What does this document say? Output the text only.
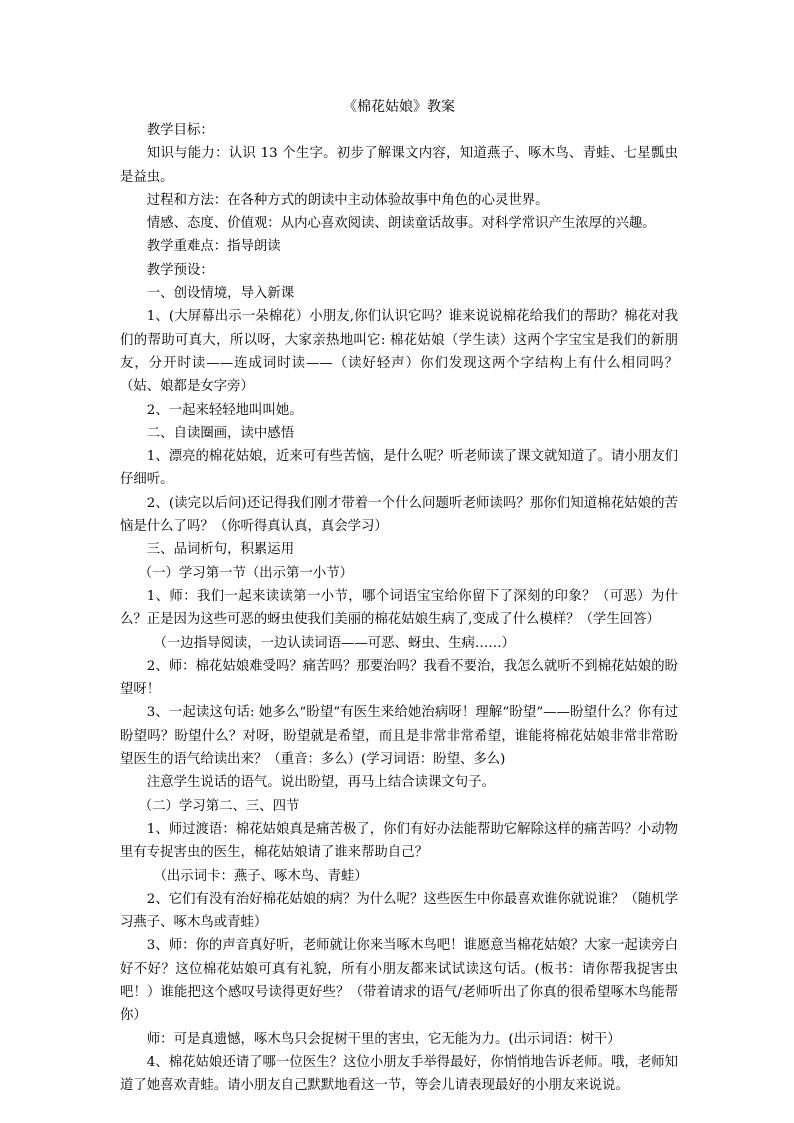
《棉花姑娘》教案

教学目标：

知识与能力：认识 13 个生字。初步了解课文内容，知道燕子、啄木鸟、青蛙、七星瓢虫是益虫。

过程和方法：在各种方式的朗读中主动体验故事中角色的心灵世界。

情感、态度、价值观：从内心喜欢阅读、朗读童话故事。对科学常识产生浓厚的兴趣。

教学重难点：指导朗读

教学预设：

一、创设情境，导入新课

1、(大屏幕出示一朵棉花）小朋友,你们认识它吗？谁来说说棉花给我们的帮助？棉花对我们的帮助可真大，所以呀，大家亲热地叫它: 棉花姑娘（学生读）这两个字宝宝是我们的新朋友，分开时读——连成词时读——（读好轻声）你们发现这两个字结构上有什么相同吗？（姑、娘都是女字旁）

2、一起来轻轻地叫叫她。

二、自读圈画，读中感悟

1、漂亮的棉花姑娘，近来可有些苦恼，是什么呢？听老师读了课文就知道了。请小朋友们仔细听。

2、(读完以后问)还记得我们刚才带着一个什么问题听老师读吗？那你们知道棉花姑娘的苦恼是什么了吗？（你听得真认真，真会学习）

三、品词析句，积累运用

（一）学习第一节（出示第一小节）

1、师：我们一起来读读第一小节，哪个词语宝宝给你留下了深刻的印象？（可恶）为什么？正是因为这些可恶的蚜虫使我们美丽的棉花姑娘生病了,变成了什么模样？（学生回答）

（一边指导阅读，一边认读词语——可恶、蚜虫、生病……）

2、师：棉花姑娘难受吗？痛苦吗？那要治吗？我看不要治，我怎么就听不到棉花姑娘的盼望呀！

3、一起读这句话: 她多么“盼望”有医生来给她治病呀！理解“盼望”——盼望什么？你有过盼望吗？盼望什么？对呀，盼望就是希望，而且是非常非常希望，谁能将棉花姑娘非常非常盼望医生的语气给读出来？（重音：多么）(学习词语：盼望、多么)

注意学生说话的语气。说出盼望，再马上结合读课文句子。

（二）学习第二、三、四节

1、师过渡语：棉花姑娘真是痛苦极了，你们有好办法能帮助它解除这样的痛苦吗？小动物里有专捉害虫的医生，棉花姑娘请了谁来帮助自己？

（出示词卡：燕子、啄木鸟、青蛙）

2、它们有没有治好棉花姑娘的病？为什么呢？这些医生中你最喜欢谁你就说谁？（随机学习燕子、啄木鸟或青蛙）

3、师：你的声音真好听，老师就让你来当啄木鸟吧！谁愿意当棉花姑娘？大家一起读旁白好不好？这位棉花姑娘可真有礼貌，所有小朋友都来试试读这句话。(板书：请你帮我捉害虫吧！）谁能把这个感叹号读得更好些？（带着请求的语气/老师听出了你真的很希望啄木鸟能帮你）

师：可是真遗憾，啄木鸟只会捉树干里的害虫，它无能为力。(出示词语：树干）

4、棉花姑娘还请了哪一位医生？这位小朋友手举得最好，你悄悄地告诉老师。哦，老师知道了她喜欢青蛙。请小朋友自己默默地看这一节，等会儿请表现最好的小朋友来说说。
